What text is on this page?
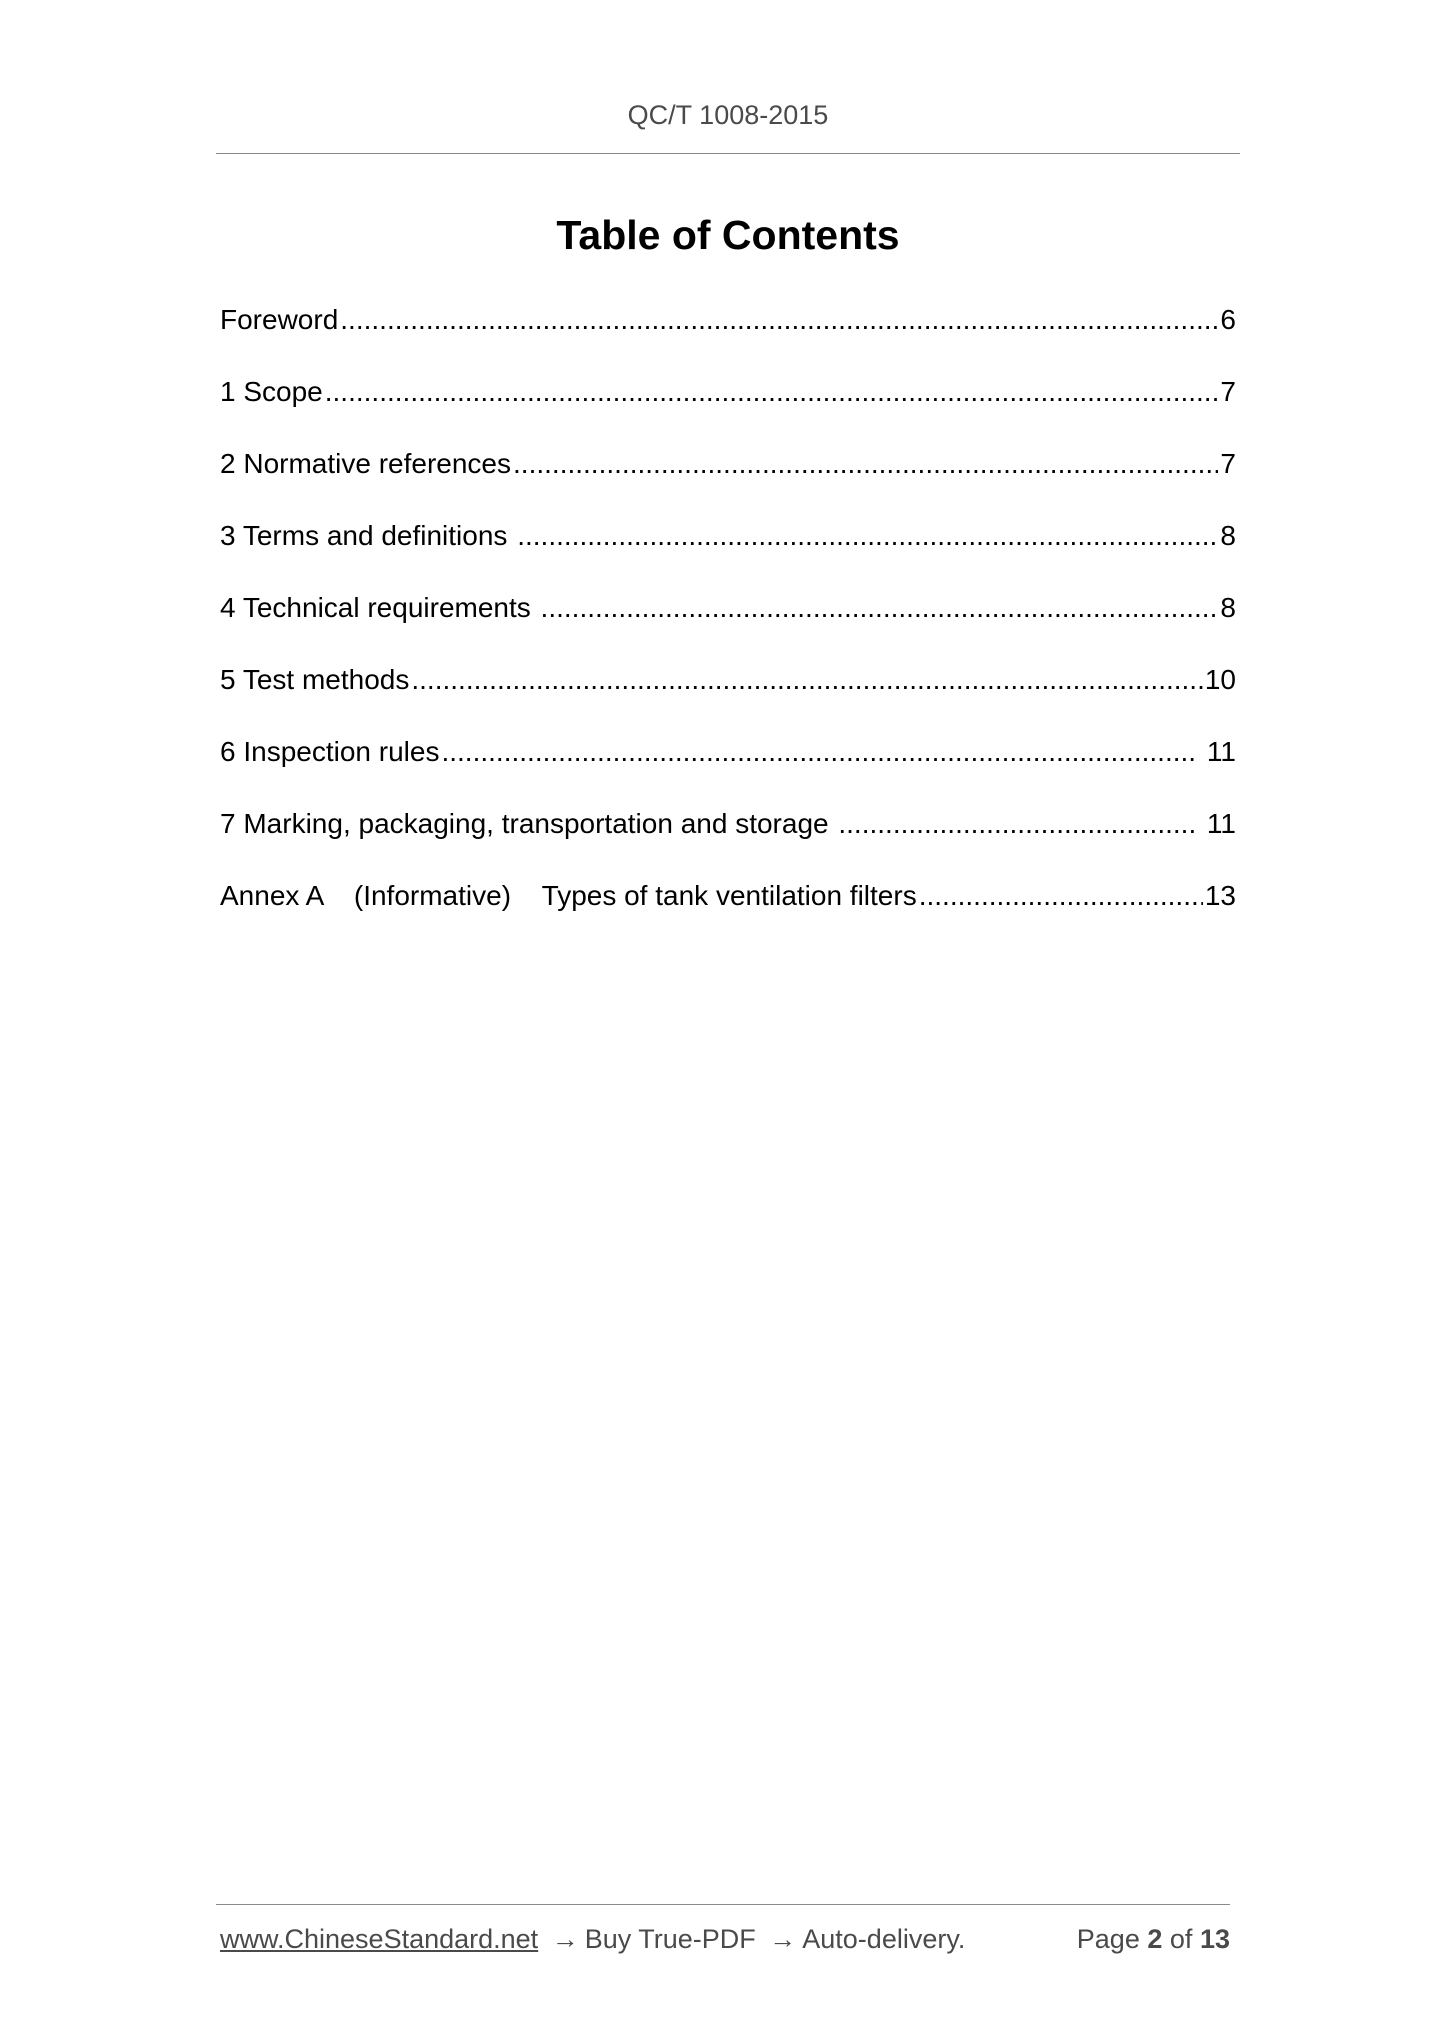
QC/T 1008-2015
Table of Contents
Foreword .....	6
1 Scope .....	7
2 Normative references .....	7
3 Terms and definitions .....	8
4 Technical requirements .....	8
5 Test methods .....	10
6 Inspection rules .....	11
7 Marking, packaging, transportation and storage .....	11
Annex A    (Informative)    Types of tank ventilation filters .....	13
www.ChineseStandard.net → Buy True-PDF → Auto-delivery.	Page 2 of 13
